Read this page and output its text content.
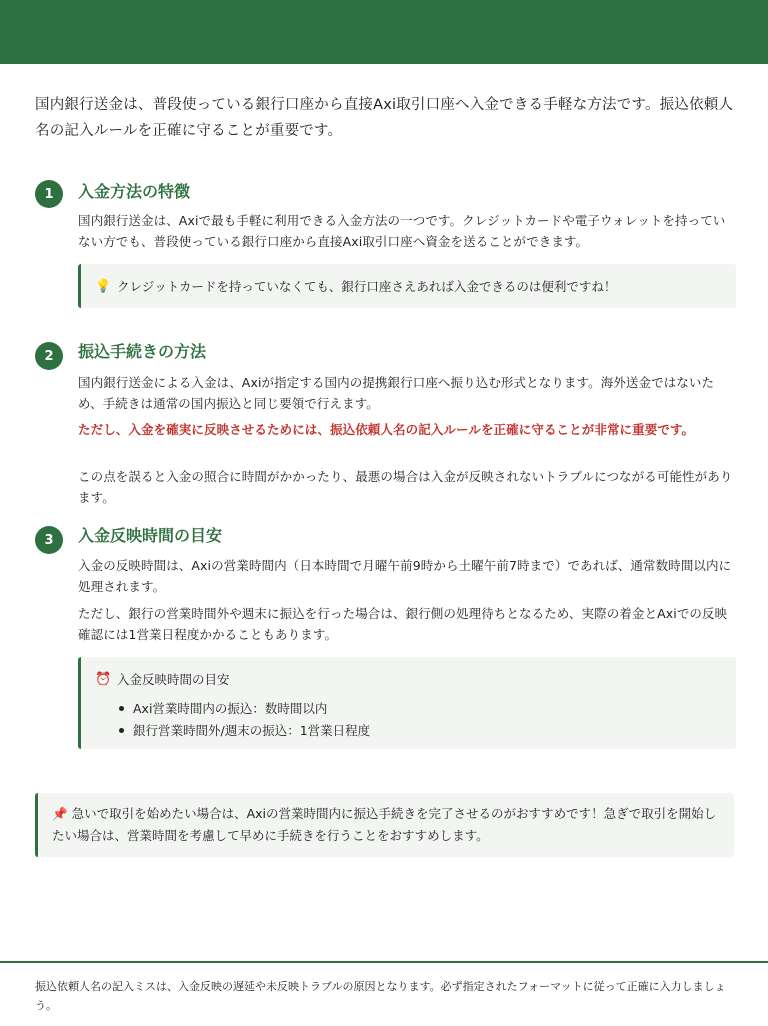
国内銀行送金は、普段使っている銀行口座から直接Axi取引口座へ入金できる手軽な方法です。振込依頼人名の記入ルールを正確に守ることが重要です。
1	入金方法の特徴
国内銀行送金は、Axiで最も手軽に利用できる入金方法の一つです。クレジットカードや電子ウォレットを持っていない方でも、普段使っている銀行口座から直接Axi取引口座へ資金を送ることができます。
💡 クレジットカードを持っていなくても、銀行口座さえあれば入金できるのは便利ですね！
2	振込手続きの方法
国内銀行送金による入金は、Axiが指定する国内の提携銀行口座へ振り込む形式となります。海外送金ではないため、手続きは通常の国内振込と同じ要領で行えます。
ただし、入金を確実に反映させるためには、振込依頼人名の記入ルールを正確に守ることが非常に重要です。
この点を誤ると入金の照合に時間がかかったり、最悪の場合は入金が反映されないトラブルにつながる可能性があります。
3	入金反映時間の目安
入金の反映時間は、Axiの営業時間内（日本時間で月曜午前9時から土曜午前7時まで）であれば、通常数時間以内に処理されます。
ただし、銀行の営業時間外や週末に振込を行った場合は、銀行側の処理待ちとなるため、実際の着金とAxiでの反映確認には1営業日程度かかることもあります。
⏰ 入金反映時間の目安
Axi営業時間内の振込：数時間以内
銀行営業時間外/週末の振込：1営業日程度
📌 急いで取引を始めたい場合は、Axiの営業時間内に振込手続きを完了させるのがおすすめです！急ぎで取引を開始したい場合は、営業時間を考慮して早めに手続きを行うことをおすすめします。
振込依頼人名の記入ミスは、入金反映の遅延や未反映トラブルの原因となります。必ず指定されたフォーマットに従って正確に入力しましょう。
